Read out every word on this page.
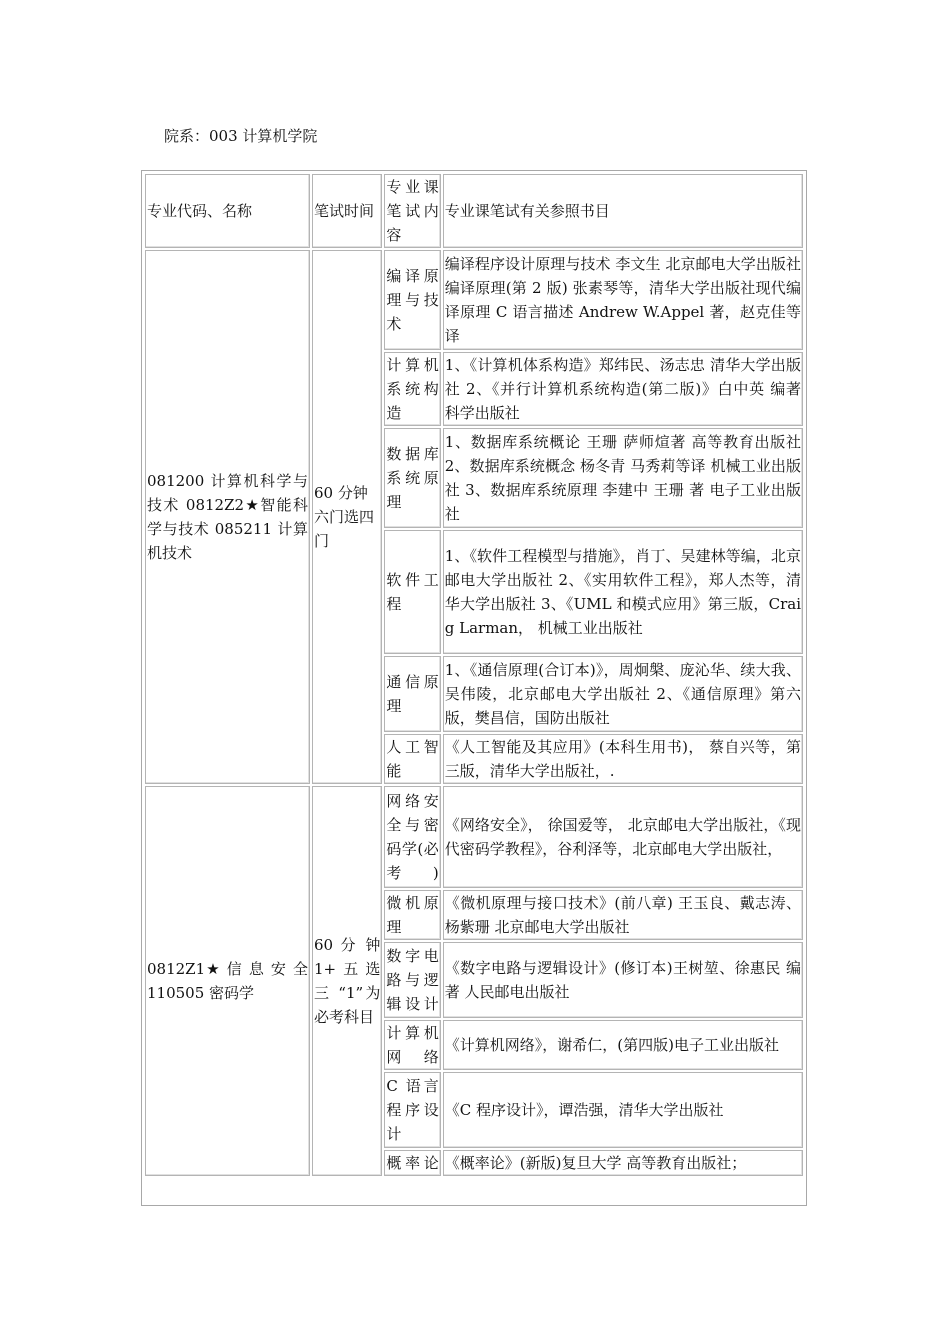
院系：003 计算机学院
专业代码、名称	笔试时间	专业课笔试内容	专业课笔试有关参照书目
081200 计算机科学与技术 0812Z2★智能科学与技术 085211 计算机技术	60 分钟六门选四门	编译原理与技术	编译程序设计原理与技术 李文生 北京邮电大学出版社编译原理(第 2 版) 张素琴等，清华大学出版社现代编译原理 C 语言描述 Andrew W.Appel 著，赵克佳等译
		计算机系统构造	1、《计算机体系构造》郑纬民、汤志忠 清华大学出版社 2、《并行计算机系统构造(第二版)》白中英 编著 科学出版社
		数据库系统原理	1、数据库系统概论 王珊 萨师煊著 高等教育出版社 2、数据库系统概念 杨冬青 马秀莉等译 机械工业出版社 3、数据库系统原理 李建中 王珊 著 电子工业出版社
		软件工程	1、《软件工程模型与措施》，肖丁、吴建林等编，北京邮电大学出版社 2、《实用软件工程》，郑人杰等，清华大学出版社 3、《UML 和模式应用》第三版，Craig Larman， 机械工业出版社
		通信原理	1、《通信原理(合订本)》，周炯槃、庞沁华、续大我、吴伟陵，北京邮电大学出版社 2、《通信原理》第六版，樊昌信，国防出版社
		人工智能	《人工智能及其应用》(本科生用书)， 蔡自兴等，第三版，清华大学出版社，.
0812Z1★ 信 息 安 全 110505 密码学	60 分 钟 1+五选三 “1”为必考科目	网络安全与密码学(必考)	《网络安全》， 徐国爱等， 北京邮电大学出版社，《现代密码学教程》，谷利泽等，北京邮电大学出版社，
		微机原理	《微机原理与接口技术》(前八章) 王玉良、戴志涛、杨紫珊 北京邮电大学出版社
		数字电路与逻辑设计	《数字电路与逻辑设计》(修订本)王树堃、徐惠民 编著 人民邮电出版社
		计算机网络	《计算机网络》，谢希仁，(第四版)电子工业出版社
		C 语言程序设计	《C 程序设计》，谭浩强，清华大学出版社
		概率论	《概率论》(新版)复旦大学 高等教育出版社；
